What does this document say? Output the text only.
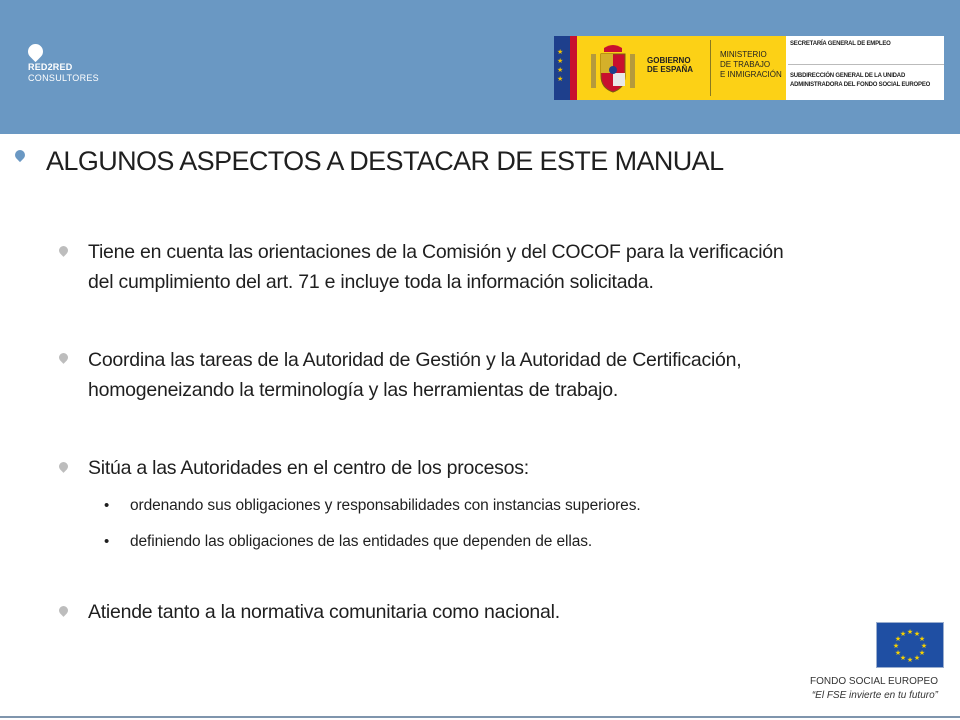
RED2RED
CONSULTORES
★
★
★
★
GOBIERNO
DE ESPAÑA
MINISTERIO
DE TRABAJO
E INMIGRACIÓN
SECRETARÍA GENERAL DE EMPLEO
SUBDIRECCIÓN GENERAL DE LA UNIDAD
ADMINISTRADORA DEL FONDO SOCIAL EUROPEO
ALGUNOS ASPECTOS A DESTACAR DE ESTE MANUAL
Tiene en cuenta las orientaciones de la Comisión y del COCOF para la verificación
del cumplimiento del art. 71 e incluye toda la información solicitada.
Coordina las tareas de la Autoridad de Gestión y la Autoridad de Certificación,
homogeneizando la terminología y las herramientas de trabajo.
Sitúa a las Autoridades en el centro de los procesos:
• ordenando sus obligaciones y responsabilidades con instancias superiores.
• definiendo las obligaciones de las entidades que dependen de ellas.
Atiende tanto a la normativa comunitaria como nacional.
★ ★
★
★
★
★
★
★
★
★
★
★
FONDO SOCIAL EUROPEO
“El FSE invierte en tu futuro”
